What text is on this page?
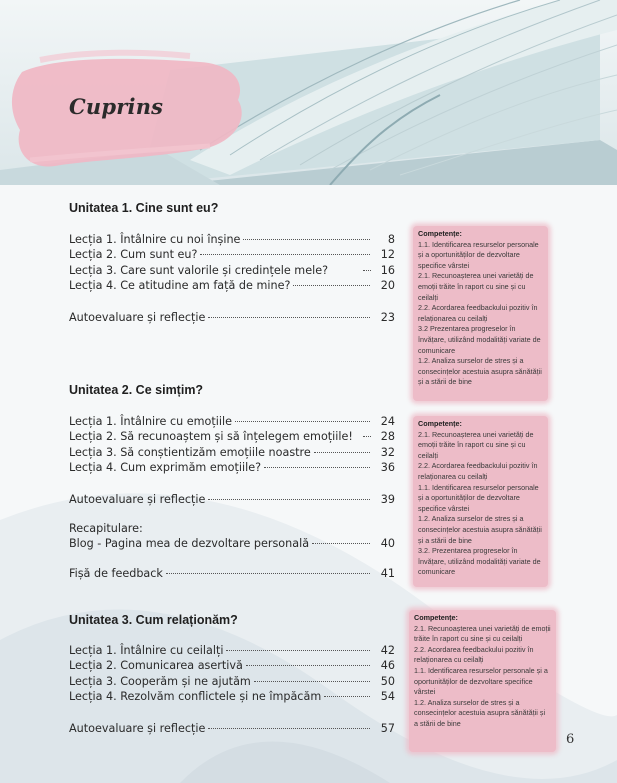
Cuprins
Unitatea 1. Cine sunt eu?
Lecția 1. Întâlnire cu noi înșine	8
Lecția 2. Cum sunt eu?	12
Lecția 3. Care sunt valorile și credințele mele?	16
Lecția 4. Ce atitudine am față de mine?	20
Autoevaluare și reflecție	23
Competențe:
1.1. Identificarea resurselor personale și a oportunităților de dezvoltare specifice vârstei
2.1. Recunoașterea unei varietăți de emoții trăite în raport cu sine și cu ceilalți
2.2. Acordarea feedbackului pozitiv în relaționarea cu ceilalți
3.2 Prezentarea progreselor în învățare, utilizând modalități variate de comunicare
1.2. Analiza surselor de stres și a consecințelor acestuia asupra sănătății și a stării de bine
Unitatea 2. Ce simțim?
Lecția 1. Întâlnire cu emoțiile	24
Lecția 2. Să recunoaștem și să înțelegem emoțiile!	28
Lecția 3. Să conștientizăm emoțiile noastre	32
Lecția 4. Cum exprimăm emoțiile?	36
Autoevaluare și reflecție	39
Recapitulare:
Blog - Pagina mea de dezvoltare personală	40
Fișă de feedback	41
Competențe:
2.1. Recunoașterea unei varietăți de emoții trăite în raport cu sine și cu ceilalți
2.2. Acordarea feedbackului pozitiv în relaționarea cu ceilalți
1.1. Identificarea resurselor personale și a oportunităților de dezvoltare specifice vârstei
1.2. Analiza surselor de stres și a consecințelor acestuia asupra sănătății și a stării de bine
3.2. Prezentarea progreselor în învățare, utilizând modalități variate de comunicare
Unitatea 3. Cum relaționăm?
Lecția 1. Întâlnire cu ceilalți	42
Lecția 2. Comunicarea asertivă	46
Lecția 3. Cooperăm și ne ajutăm	50
Lecția 4. Rezolvăm conflictele și ne împăcăm	54
Autoevaluare și reflecție	57
Competențe:
2.1. Recunoașterea unei varietăți de emoții trăite în raport cu sine și cu ceilalți
2.2. Acordarea feedbackului pozitiv în relaționarea cu ceilalți
1.1. Identificarea resurselor personale și a oportunităților de dezvoltare specifice vârstei
1.2. Analiza surselor de stres și a consecințelor acestuia asupra sănătății și a stării de bine
6
